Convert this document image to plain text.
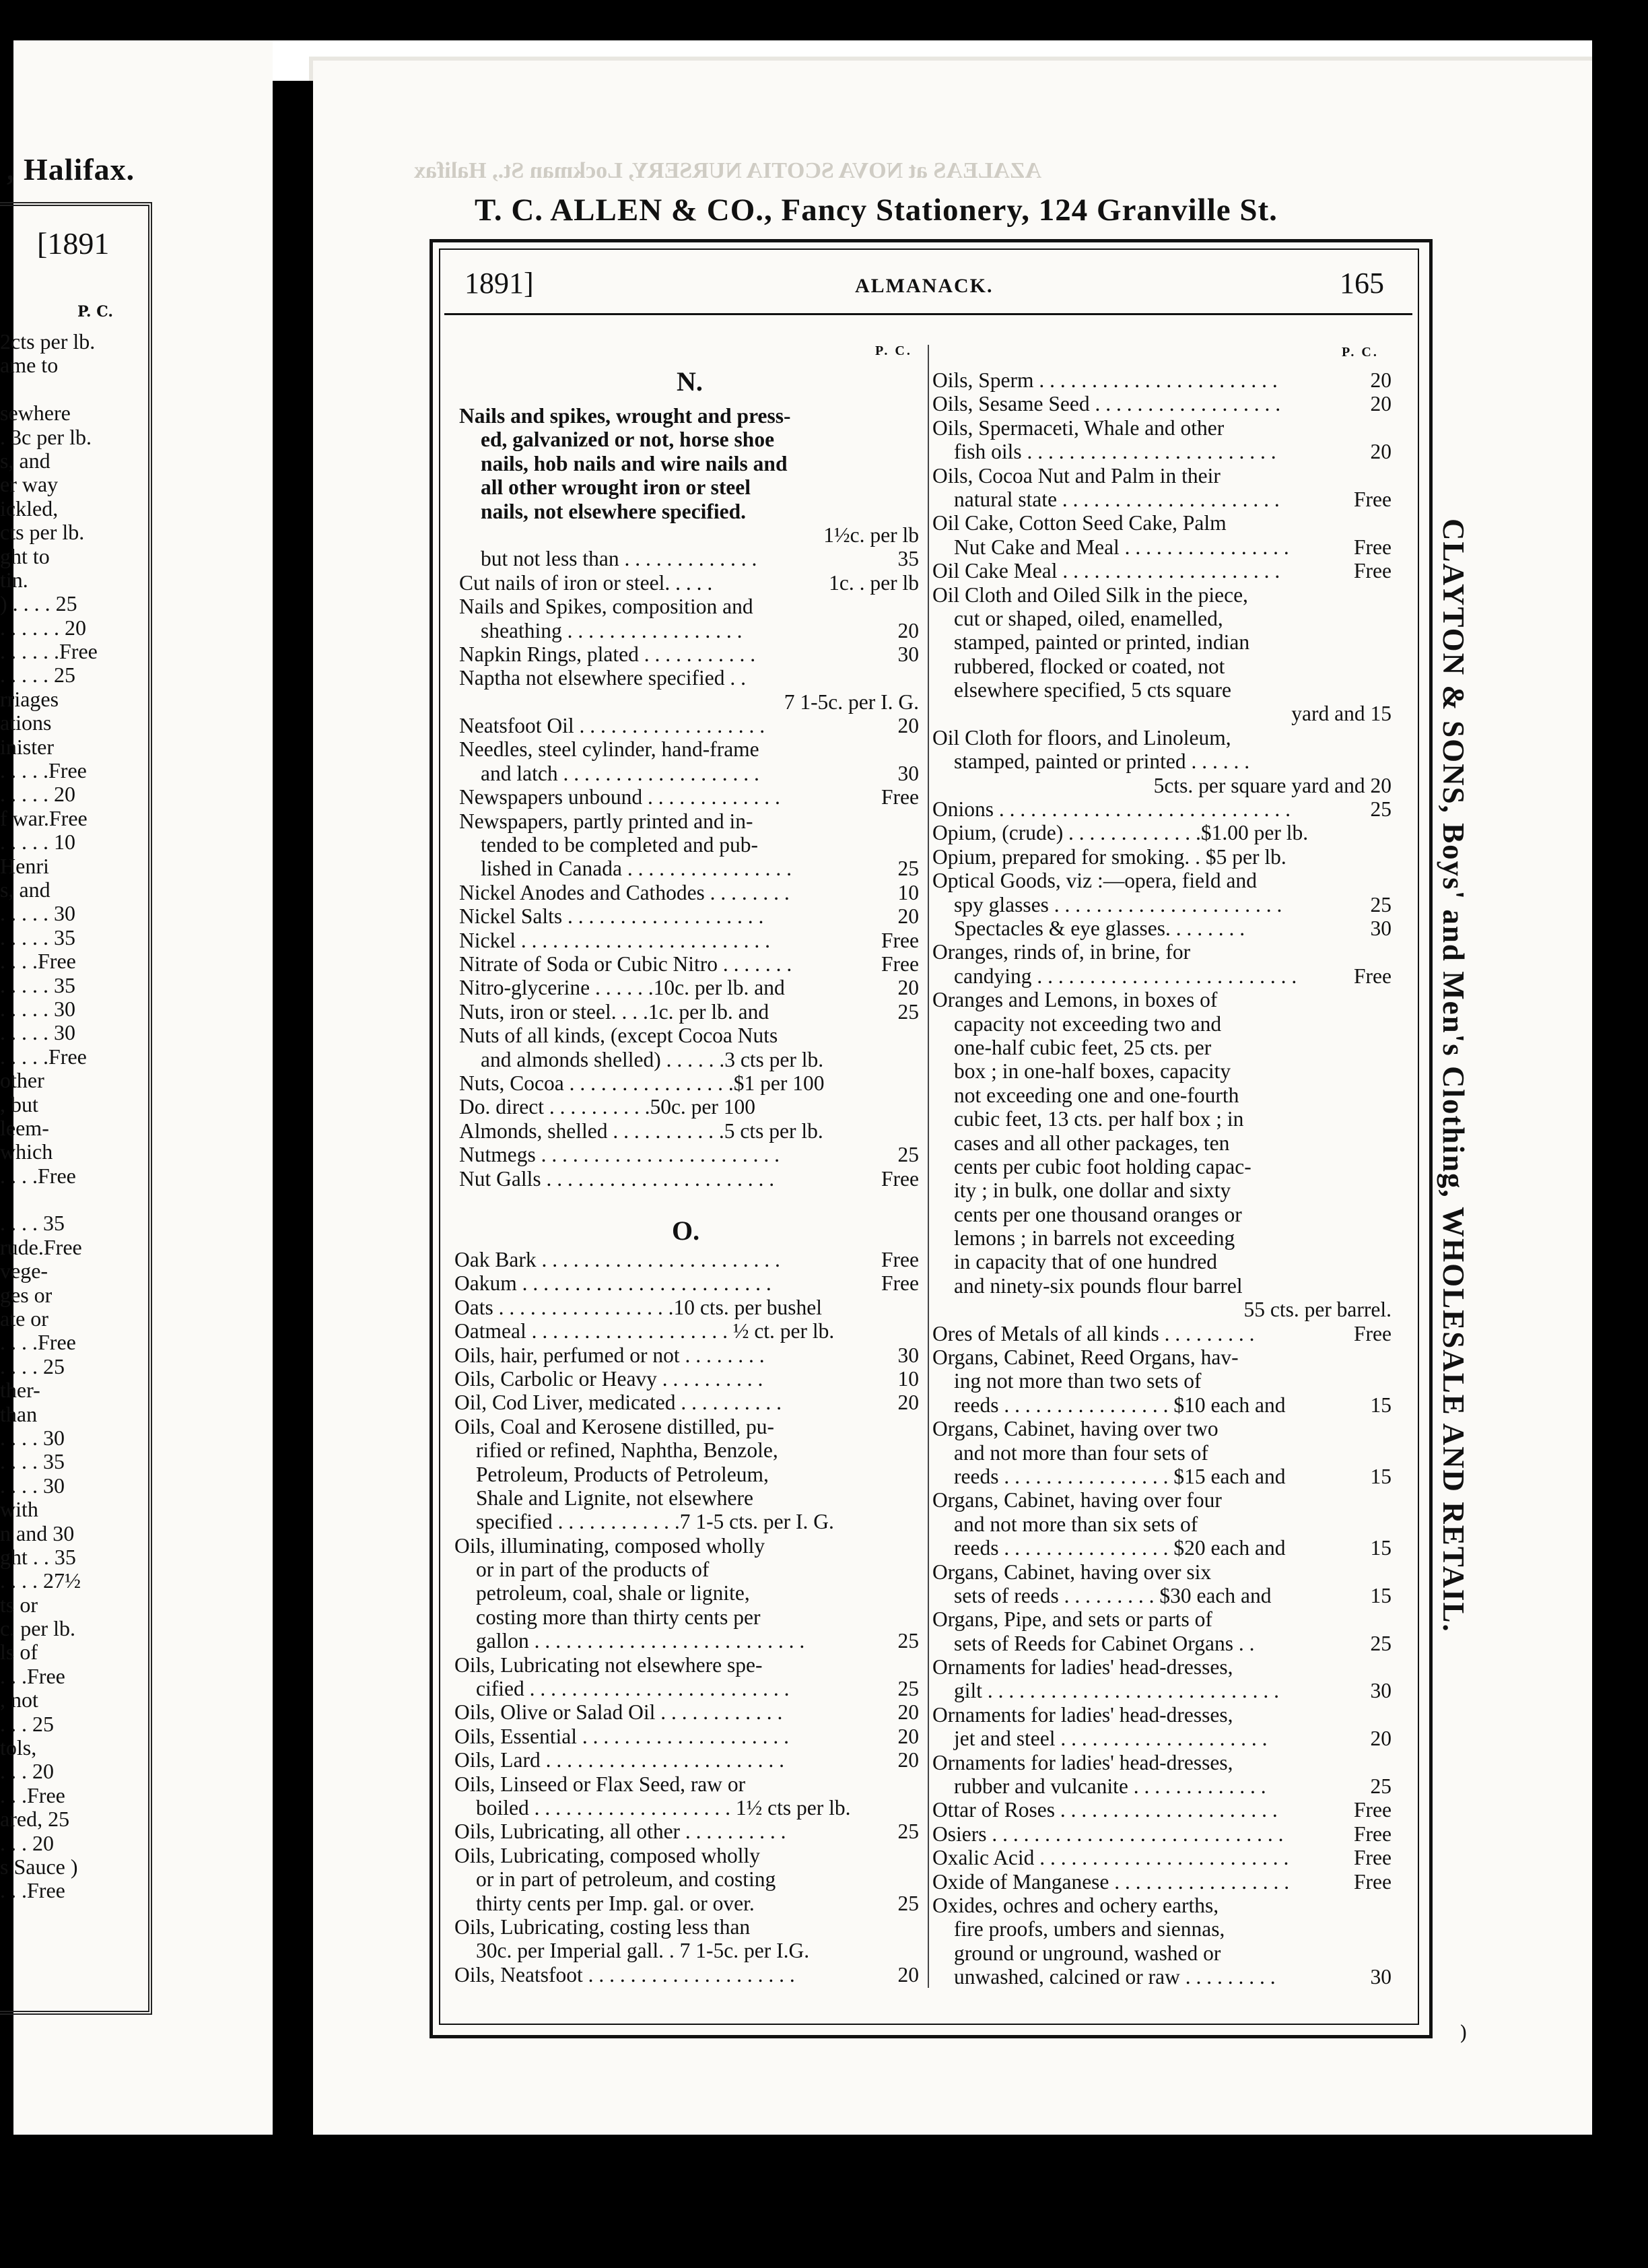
, Halifax.
[1891
P. C.
2cts per lb.
ame to
sewhere
. 3c per lb.
s, and
er way
ickled,
cts per lb.
ght to
tin.
) . . . . 25
. . . . . . 20
. . . . . .Free
. . . . . 25
rriages
ations
inister
. . . . .Free
. . . . . 20
f war.Free
. . . . . 10
Henri
s, and
. . . . . 30
. . . . . 35
. . . .Free
. . . . . 35
. . . . . 30
. . . . . 30
. . . . .Free
other
, but
leem-
which
. . . .Free
. . . . 35
rude.Free
vege-
ges or
ate or
. . . .Free
. . . . 25
ther-
than
. . . . 30
. . . . 35
. . . . 30
with
n and 30
ght . . 35
. . . . 27½
ts or
c. per lb.
ls of
. . .Free
, not
. . . 25
tols,
. . . 20
. . .Free
ared, 25
. . . 20
s Sauce )
. . .Free
AZALEAS at NOVA SCOTIA NURSERY, Lockman St., Halifax
T. C. ALLEN & CO., Fancy Stationery, 124 Granville St.
1891]	ALMANACK.	165
P. C.	P. C.
N.
Nails and spikes, wrought and press-
ed, galvanized or not, horse shoe
nails, hob nails and wire nails and
all other wrought iron or steel
nails, not elsewhere specified.
1½c. per lb
but not less than . . . . . . . . . . . . .	35
Cut nails of iron or steel. . . . .	1c. . per lb
Nails and Spikes, composition and
sheathing . . . . . . . . . . . . . . . . .	20
Napkin Rings, plated . . . . . . . . . . .	30
Naptha not elsewhere specified . .
7 1-5c. per I. G.
Neatsfoot Oil . . . . . . . . . . . . . . . . . .	20
Needles, steel cylinder, hand-frame
and latch . . . . . . . . . . . . . . . . . . .	30
Newspapers unbound . . . . . . . . . . . . .	Free
Newspapers, partly printed and in-
tended to be completed and pub-
lished in Canada . . . . . . . . . . . . . . . .	25
Nickel Anodes and Cathodes . . . . . . . .	10
Nickel Salts . . . . . . . . . . . . . . . . . . .	20
Nickel . . . . . . . . . . . . . . . . . . . . . . . .	Free
Nitrate of Soda or Cubic Nitro . . . . . . .	Free
Nitro-glycerine . . . . . .10c. per lb. and	20
Nuts, iron or steel. . . .1c. per lb. and	25
Nuts of all kinds, (except Cocoa Nuts
and almonds shelled) . . . . . .3 cts per lb.
Nuts, Cocoa . . . . . . . . . . . . . . . .$1 per 100
Do. direct . . . . . . . . . .50c. per 100
Almonds, shelled . . . . . . . . . . .5 cts per lb.
Nutmegs . . . . . . . . . . . . . . . . . . . . . . .	25
Nut Galls . . . . . . . . . . . . . . . . . . . . . .	Free
O.
Oak Bark . . . . . . . . . . . . . . . . . . . . . . .	Free
Oakum . . . . . . . . . . . . . . . . . . . . . . . .	Free
Oats . . . . . . . . . . . . . . . . .10 cts. per bushel
Oatmeal . . . . . . . . . . . . . . . . . . . ½ ct. per lb.
Oils, hair, perfumed or not . . . . . . . .	30
Oils, Carbolic or Heavy . . . . . . . . . .	10
Oil, Cod Liver, medicated . . . . . . . . . .	20
Oils, Coal and Kerosene distilled, pu-
rified or refined, Naphtha, Benzole,
Petroleum, Products of Petroleum,
Shale and Lignite, not elsewhere
specified . . . . . . . . . . . .7 1-5 cts. per I. G.
Oils, illuminating, composed wholly
or in part of the products of
petroleum, coal, shale or lignite,
costing more than thirty cents per
gallon . . . . . . . . . . . . . . . . . . . . . . . . . .	25
Oils, Lubricating not elsewhere spe-
cified . . . . . . . . . . . . . . . . . . . . . . . . .	25
Oils, Olive or Salad Oil . . . . . . . . . . . .	20
Oils, Essential . . . . . . . . . . . . . . . . . . . .	20
Oils, Lard . . . . . . . . . . . . . . . . . . . . . . .	20
Oils, Linseed or Flax Seed, raw or
boiled . . . . . . . . . . . . . . . . . . . 1½ cts per lb.
Oils, Lubricating, all other . . . . . . . . . .	25
Oils, Lubricating, composed wholly
or in part of petroleum, and costing
thirty cents per Imp. gal. or over.	25
Oils, Lubricating, costing less than
30c. per Imperial gall. . 7 1-5c. per I.G.
Oils, Neatsfoot . . . . . . . . . . . . . . . . . . . .	20
Oils, Sperm . . . . . . . . . . . . . . . . . . . . . . .	20
Oils, Sesame Seed . . . . . . . . . . . . . . . . . .	20
Oils, Spermaceti, Whale and other
fish oils . . . . . . . . . . . . . . . . . . . . . . . .	20
Oils, Cocoa Nut and Palm in their
natural state . . . . . . . . . . . . . . . . . . . . .	Free
Oil Cake, Cotton Seed Cake, Palm
Nut Cake and Meal . . . . . . . . . . . . . . . .	Free
Oil Cake Meal . . . . . . . . . . . . . . . . . . . . .	Free
Oil Cloth and Oiled Silk in the piece,
cut or shaped, oiled, enamelled,
stamped, painted or printed, indian
rubbered, flocked or coated, not
elsewhere specified, 5 cts square
yard and 15
Oil Cloth for floors, and Linoleum,
stamped, painted or printed . . . . . .
5cts. per square yard and 20
Onions . . . . . . . . . . . . . . . . . . . . . . . . . . . .	25
Opium, (crude) . . . . . . . . . . . . .$1.00 per lb.
Opium, prepared for smoking. . $5 per lb.
Optical Goods, viz :—opera, field and
spy glasses . . . . . . . . . . . . . . . . . . . . . .	25
Spectacles & eye glasses. . . . . . . .	30
Oranges, rinds of, in brine, for
candying . . . . . . . . . . . . . . . . . . . . . . . . .	Free
Oranges and Lemons, in boxes of
capacity not exceeding two and
one-half cubic feet, 25 cts. per
box ; in one-half boxes, capacity
not exceeding one and one-fourth
cubic feet, 13 cts. per half box ; in
cases and all other packages, ten
cents per cubic foot holding capac-
ity ; in bulk, one dollar and sixty
cents per one thousand oranges or
lemons ; in barrels not exceeding
in capacity that of one hundred
and ninety-six pounds flour barrel
55 cts. per barrel.
Ores of Metals of all kinds . . . . . . . . .	Free
Organs, Cabinet, Reed Organs, hav-
ing not more than two sets of
reeds . . . . . . . . . . . . . . . . $10 each and	15
Organs, Cabinet, having over two
and not more than four sets of
reeds . . . . . . . . . . . . . . . . $15 each and	15
Organs, Cabinet, having over four
and not more than six sets of
reeds . . . . . . . . . . . . . . . . $20 each and	15
Organs, Cabinet, having over six
sets of reeds . . . . . . . . . $30 each and	15
Organs, Pipe, and sets or parts of
sets of Reeds for Cabinet Organs . .	25
Ornaments for ladies' head-dresses,
gilt . . . . . . . . . . . . . . . . . . . . . . . . . . . .	30
Ornaments for ladies' head-dresses,
jet and steel . . . . . . . . . . . . . . . . . . . .	20
Ornaments for ladies' head-dresses,
rubber and vulcanite . . . . . . . . . . . . .	25
Ottar of Roses . . . . . . . . . . . . . . . . . . . . .	Free
Osiers . . . . . . . . . . . . . . . . . . . . . . . . . . . .	Free
Oxalic Acid . . . . . . . . . . . . . . . . . . . . . . . .	Free
Oxide of Manganese . . . . . . . . . . . . . . . . .	Free
Oxides, ochres and ochery earths,
fire proofs, umbers and siennas,
ground or unground, washed or
unwashed, calcined or raw . . . . . . . . .	30
CLAYTON & SONS, Boys' and Men's Clothing, WHOLESALE AND RETAIL.
)
